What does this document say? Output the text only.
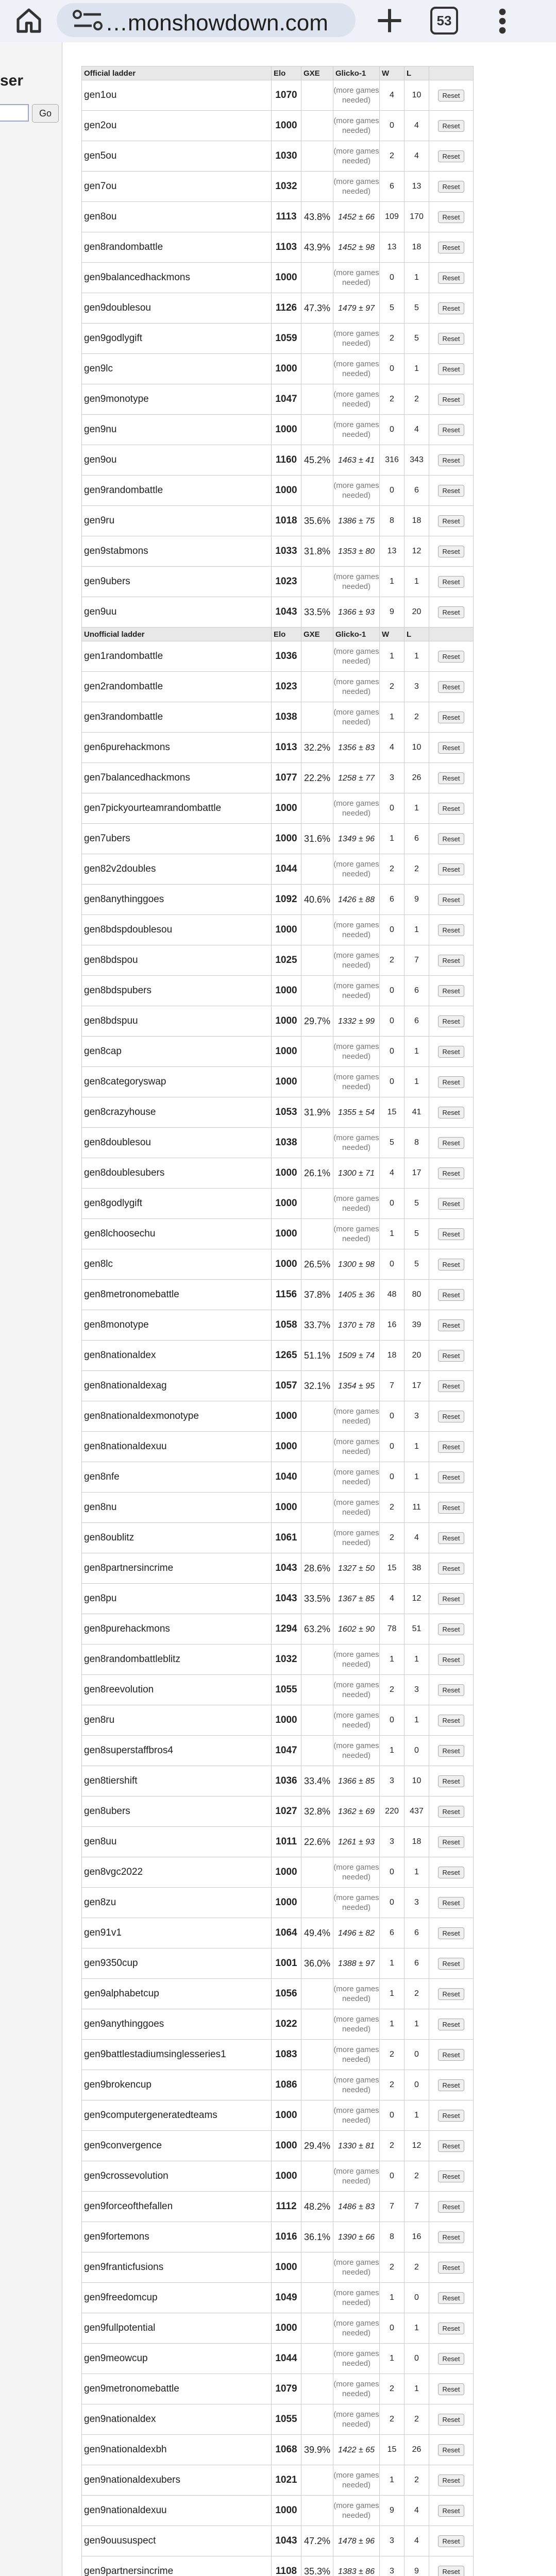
…monshowdown.com	53
ser
Go
Official ladder	Elo	GXE	Glicko-1	W	L	
gen1ou	1070		(more games needed)	4	10	Reset
gen2ou	1000		(more games needed)	0	4	Reset
gen5ou	1030		(more games needed)	2	4	Reset
gen7ou	1032		(more games needed)	6	13	Reset
gen8ou	1113	43.8%	1452 ± 66	109	170	Reset
gen8randombattle	1103	43.9%	1452 ± 98	13	18	Reset
gen9balancedhackmons	1000		(more games needed)	0	1	Reset
gen9doublesou	1126	47.3%	1479 ± 97	5	5	Reset
gen9godlygift	1059		(more games needed)	2	5	Reset
gen9lc	1000		(more games needed)	0	1	Reset
gen9monotype	1047		(more games needed)	2	2	Reset
gen9nu	1000		(more games needed)	0	4	Reset
gen9ou	1160	45.2%	1463 ± 41	316	343	Reset
gen9randombattle	1000		(more games needed)	0	6	Reset
gen9ru	1018	35.6%	1386 ± 75	8	18	Reset
gen9stabmons	1033	31.8%	1353 ± 80	13	12	Reset
gen9ubers	1023		(more games needed)	1	1	Reset
gen9uu	1043	33.5%	1366 ± 93	9	20	Reset
Unofficial ladder	Elo	GXE	Glicko-1	W	L	
gen1randombattle	1036		(more games needed)	1	1	Reset
gen2randombattle	1023		(more games needed)	2	3	Reset
gen3randombattle	1038		(more games needed)	1	2	Reset
gen6purehackmons	1013	32.2%	1356 ± 83	4	10	Reset
gen7balancedhackmons	1077	22.2%	1258 ± 77	3	26	Reset
gen7pickyourteamrandombattle	1000		(more games needed)	0	1	Reset
gen7ubers	1000	31.6%	1349 ± 96	1	6	Reset
gen82v2doubles	1044		(more games needed)	2	2	Reset
gen8anythinggoes	1092	40.6%	1426 ± 88	6	9	Reset
gen8bdspdoublesou	1000		(more games needed)	0	1	Reset
gen8bdspou	1025		(more games needed)	2	7	Reset
gen8bdspubers	1000		(more games needed)	0	6	Reset
gen8bdspuu	1000	29.7%	1332 ± 99	0	6	Reset
gen8cap	1000		(more games needed)	0	1	Reset
gen8categoryswap	1000		(more games needed)	0	1	Reset
gen8crazyhouse	1053	31.9%	1355 ± 54	15	41	Reset
gen8doublesou	1038		(more games needed)	5	8	Reset
gen8doublesubers	1000	26.1%	1300 ± 71	4	17	Reset
gen8godlygift	1000		(more games needed)	0	5	Reset
gen8lchoosechu	1000		(more games needed)	1	5	Reset
gen8lc	1000	26.5%	1300 ± 98	0	5	Reset
gen8metronomebattle	1156	37.8%	1405 ± 36	48	80	Reset
gen8monotype	1058	33.7%	1370 ± 78	16	39	Reset
gen8nationaldex	1265	51.1%	1509 ± 74	18	20	Reset
gen8nationaldexag	1057	32.1%	1354 ± 95	7	17	Reset
gen8nationaldexmonotype	1000		(more games needed)	0	3	Reset
gen8nationaldexuu	1000		(more games needed)	0	1	Reset
gen8nfe	1040		(more games needed)	0	1	Reset
gen8nu	1000		(more games needed)	2	11	Reset
gen8oublitz	1061		(more games needed)	2	4	Reset
gen8partnersincrime	1043	28.6%	1327 ± 50	15	38	Reset
gen8pu	1043	33.5%	1367 ± 85	4	12	Reset
gen8purehackmons	1294	63.2%	1602 ± 90	78	51	Reset
gen8randombattleblitz	1032		(more games needed)	1	1	Reset
gen8reevolution	1055		(more games needed)	2	3	Reset
gen8ru	1000		(more games needed)	0	1	Reset
gen8superstaffbros4	1047		(more games needed)	1	0	Reset
gen8tiershift	1036	33.4%	1366 ± 85	3	10	Reset
gen8ubers	1027	32.8%	1362 ± 69	220	437	Reset
gen8uu	1011	22.6%	1261 ± 93	3	18	Reset
gen8vgc2022	1000		(more games needed)	0	1	Reset
gen8zu	1000		(more games needed)	0	3	Reset
gen91v1	1064	49.4%	1496 ± 82	6	6	Reset
gen9350cup	1001	36.0%	1388 ± 97	1	6	Reset
gen9alphabetcup	1056		(more games needed)	1	2	Reset
gen9anythinggoes	1022		(more games needed)	1	1	Reset
gen9battlestadiumsinglesseries1	1083		(more games needed)	2	0	Reset
gen9brokencup	1086		(more games needed)	2	0	Reset
gen9computergeneratedteams	1000		(more games needed)	0	1	Reset
gen9convergence	1000	29.4%	1330 ± 81	2	12	Reset
gen9crossevolution	1000		(more games needed)	0	2	Reset
gen9forceofthefallen	1112	48.2%	1486 ± 83	7	7	Reset
gen9fortemons	1016	36.1%	1390 ± 66	8	16	Reset
gen9franticfusions	1000		(more games needed)	2	2	Reset
gen9freedomcup	1049		(more games needed)	1	0	Reset
gen9fullpotential	1000		(more games needed)	0	1	Reset
gen9meowcup	1044		(more games needed)	1	0	Reset
gen9metronomebattle	1079		(more games needed)	2	1	Reset
gen9nationaldex	1055		(more games needed)	2	2	Reset
gen9nationaldexbh	1068	39.9%	1422 ± 65	15	26	Reset
gen9nationaldexubers	1021		(more games needed)	1	2	Reset
gen9nationaldexuu	1000		(more games needed)	9	4	Reset
gen9ouususpect	1043	47.2%	1478 ± 96	3	4	Reset
gen9partnersincrime	1108	35.3%	1383 ± 86	3	9	Reset
